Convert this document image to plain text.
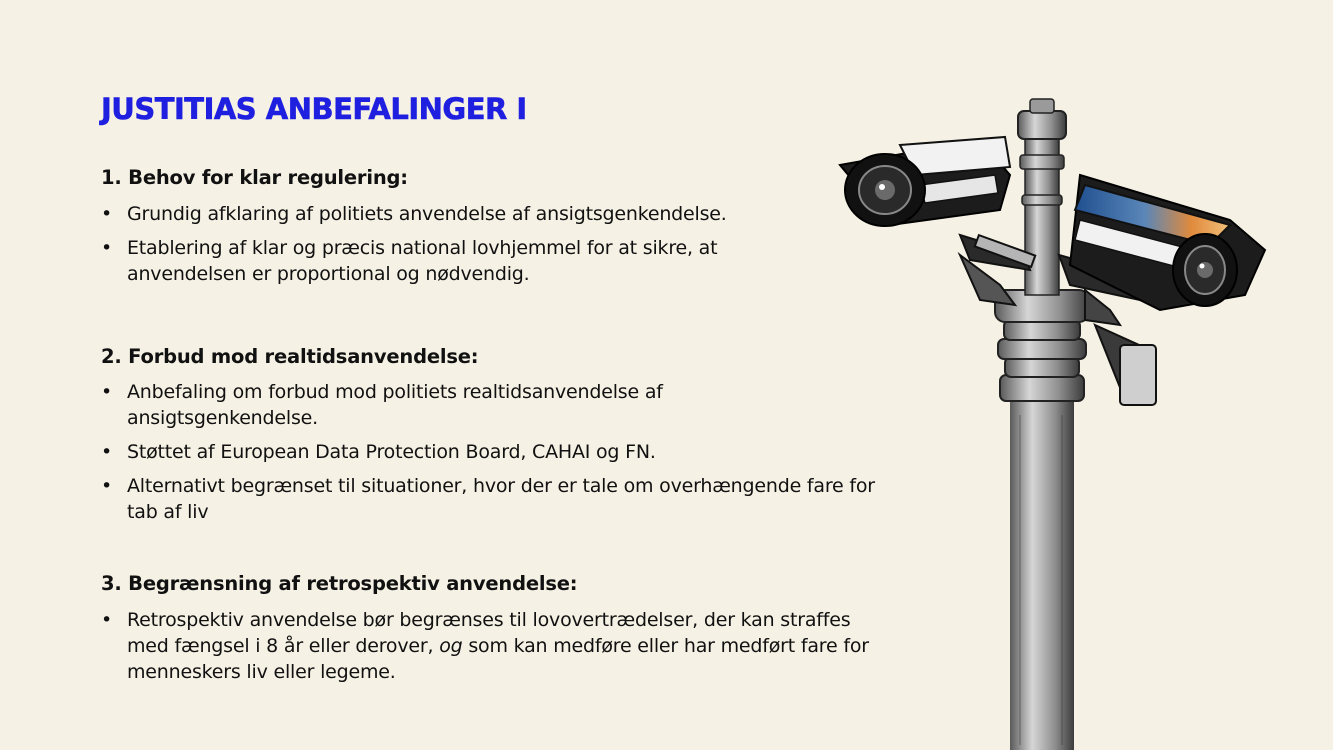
JUSTITIAS ANBEFALINGER I
1. Behov for klar regulering:
• Grundig afklaring af politiets anvendelse af ansigtsgenkendelse.
• Etablering af klar og præcis national lovhjemmel for at sikre, at anvendelsen er proportional og nødvendig.
2. Forbud mod realtidsanvendelse:
• Anbefaling om forbud mod politiets realtidsanvendelse af ansigtsgenkendelse.
• Støttet af European Data Protection Board, CAHAI og FN.
• Alternativt begrænset til situationer, hvor der er tale om overhængende fare for tab af liv
3. Begrænsning af retrospektiv anvendelse:
• Retrospektiv anvendelse bør begrænses til lovovertrædelser, der kan straffes med fængsel i 8 år eller derover, og som kan medføre eller har medført fare for menneskers liv eller legeme.
